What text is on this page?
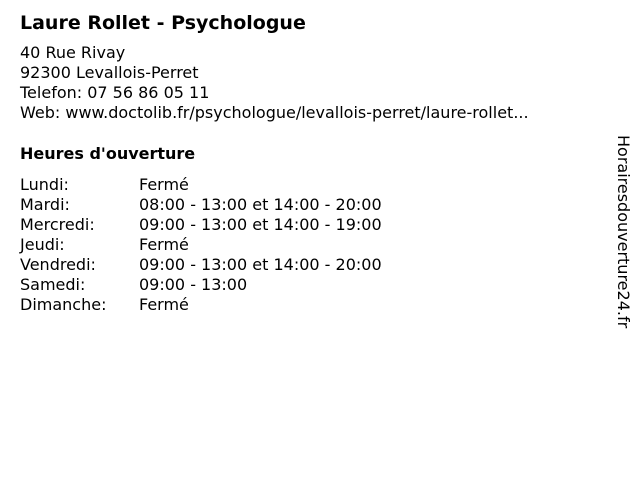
Laure Rollet - Psychologue
40 Rue Rivay
92300 Levallois-Perret
Telefon: 07 56 86 05 11
Web: www.doctolib.fr/psychologue/levallois-perret/laure-rollet...
Heures d'ouverture
Lundi:	Fermé
Mardi:	08:00 - 13:00 et 14:00 - 20:00
Mercredi:	09:00 - 13:00 et 14:00 - 19:00
Jeudi:	Fermé
Vendredi:	09:00 - 13:00 et 14:00 - 20:00
Samedi:	09:00 - 13:00
Dimanche:	Fermé	Horairesdouverture24.fr
